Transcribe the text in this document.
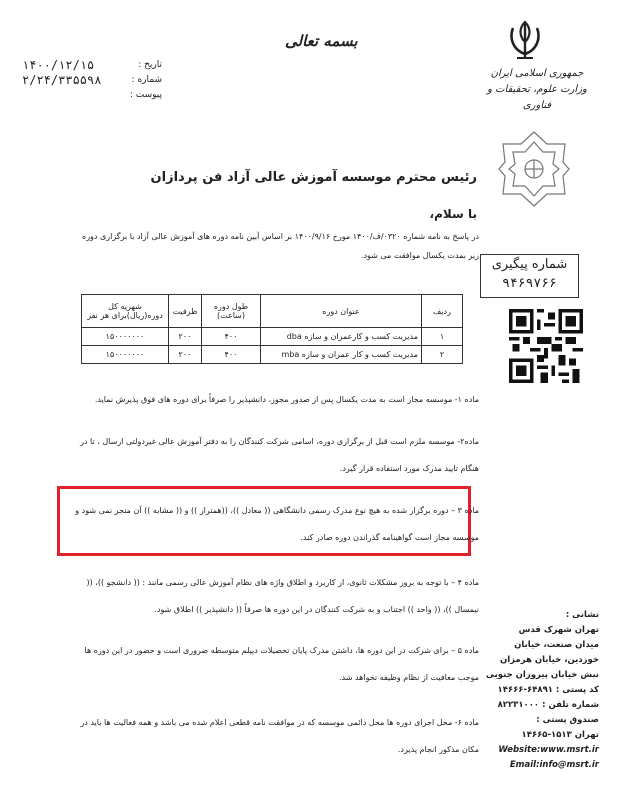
بسمه تعالی
جمهوری اسلامی ایران
وزارت علوم، تحقیقات و فناوری
تاریخ :
۱۴۰۰/۱۲/۱۵
شماره :
۲/۲۴/۳۳۵۵۹۸
پیوست :
رئیس محترم موسسه آموزش عالی آزاد فن پردازان
با سلام،
در پاسخ به نامه شماره ۰۳۲۰/ف/۱۴۰۰ مورخ ۱۴۰۰/۹/۱۶ بر اساس آیین نامه دوره های آموزش عالی آزاد با برگزاری دوره زیر بمدت یکسال موافقت می شود.
ردیف	عنوان دوره	طول دوره (ساعت)	ظرفیت	شهریه کل دوره(ریال)برای هر نفر
۱	مدیریت کسب و کارعمران و سازه dba	۴۰۰	۲۰۰	۱۵۰۰۰۰۰۰۰
۲	مدیریت کسب و کار عمران و سازه mba	۴۰۰	۲۰۰	۱۵۰۰۰۰۰۰۰
ماده ۱- موسسه مجاز است به مدت یکسال پس از صدور مجوز، دانشپذیر را صرفاً برای دوره های فوق پذیرش نماید.
ماده۲- موسسه ملزم است قبل از برگزاری دوره، اسامی شرکت کنندگان را به دفتر آموزش عالی غیردولتی ارسال ، تا در هنگام تایید مدرک مورد استفاده قرار گیرد.
ماده ۳ – دوره برگزار شده به هیچ نوع مدرک رسمی دانشگاهی (( معادل ))، ((همتراز )) و (( مشابه )) آن منجر نمی شود و موسسه مجاز است گواهینامه گذراندن دوره صادر کند.
ماده ۴ – با توجه به بروز مشکلات ثانوی، از کاربرد و اطلاق واژه های نظام آموزش عالی رسمی مانند : (( دانشجو ))، (( نیمسال ))، (( واحد )) اجتناب و به شرکت کنندگان در این دوره ها صرفاً (( دانشپذیر )) اطلاق شود.
ماده ۵ – برای شرکت در این دوره ها، داشتن مدرک پایان تحصیلات دیپلم متوسطه ضروری است و حضور در این دوره ها موجب معافیت از نظام وظیفه نخواهد شد.
ماده ۶- محل اجرای دوره ها محل دائمی موسسه که در موافقت نامه قطعی اعلام شده می باشد و همه فعالیت ها باید در مکان مذکور انجام پذیرد.
شماره پیگیری
۹۴۶۹۷۶۶
نشانی :
تهران شهرک قدس
میدان صنعت، خیابان
خوردین، خیابان هرمزان
نبش خیابان پیروزان جنوبی
کد پستی : ۶۴۸۹۱-۱۴۶۶۶
شماره تلفن : ۸۲۲۳۱۰۰۰
صندوق پستی :
تهران ۱۵۱۳-۱۴۶۶۵
Website:www.msrt.ir
Email:info@msrt.ir
